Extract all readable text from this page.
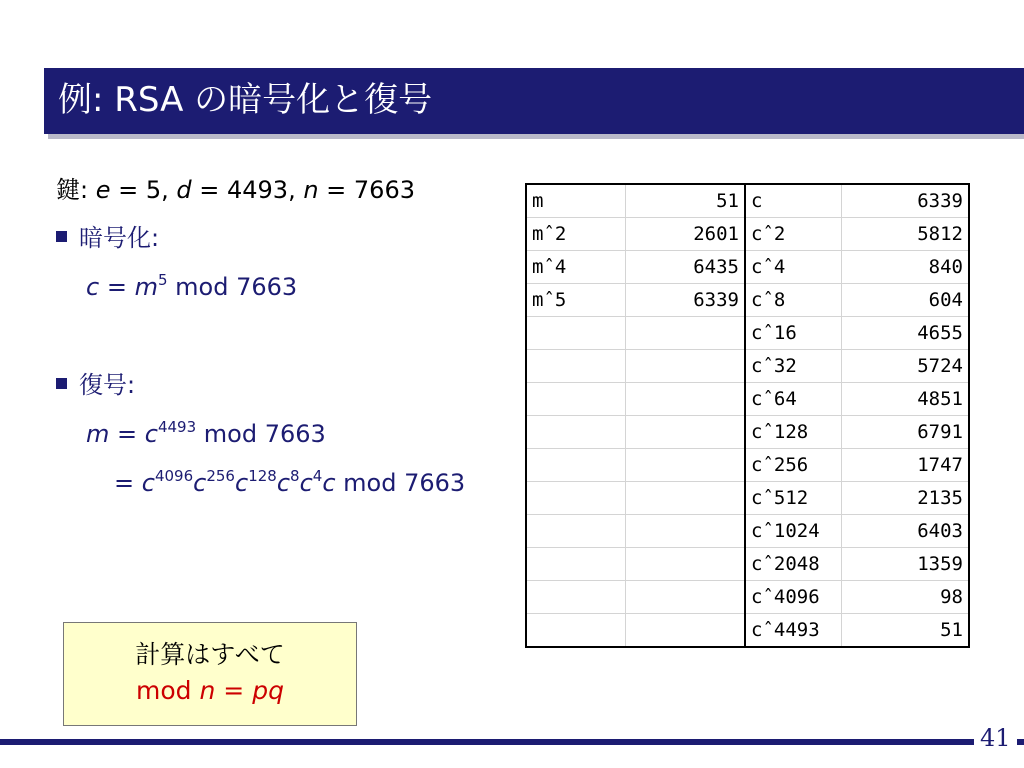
例: RSA の暗号化と復号
鍵: e = 5, d = 4493, n = 7663
暗号化:
$c = m^5$ mod 7663
復号:
$m = c^{4493}$ mod 7663
= $c^{4096}c^{256}c^{128}c^8c^4c$ mod 7663
m	51	c	6339
mˆ2	2601	cˆ2	5812
mˆ4	6435	cˆ4	840
mˆ5	6339	cˆ8	604
		cˆ16	4655
		cˆ32	5724
		cˆ64	4851
		cˆ128	6791
		cˆ256	1747
		cˆ512	2135
		cˆ1024	6403
		cˆ2048	1359
		cˆ4096	98
		cˆ4493	51
計算はすべて
mod n = pq
41
